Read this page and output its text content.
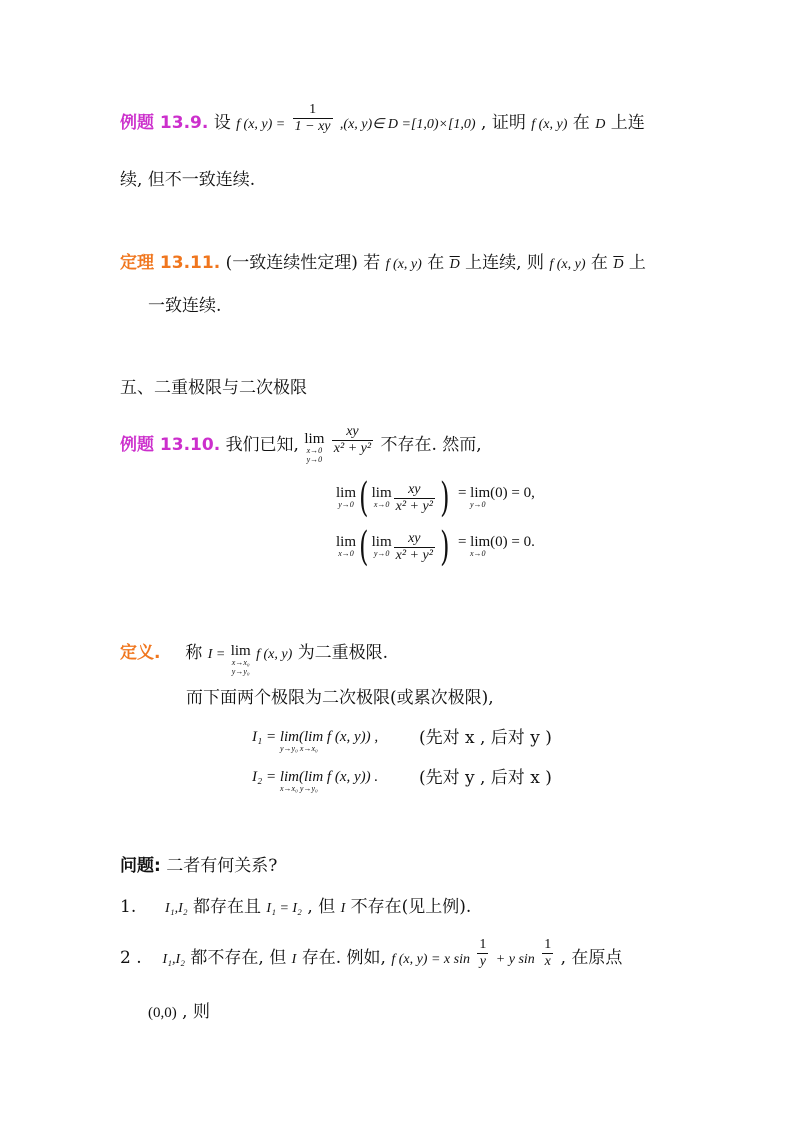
例题 13.9. 设 f (x, $y) = \frac{1}{1 - xy} ,(x$, y)∈ D =[1,0)×[1,0) , 证明 f (x, y) 在 D 上连
续, 但不一致连续.
定理 13.11. (一致连续性定理) 若 f (x, y) 在 $\overline{D}$ 上连续, 则 f (x, y) 在 $\overline{D}$ 上
一致连续.
五、二重极限与二次极限
例题 13.10. 我们已知, lim
x→0
y→0

$\frac{xy}{\text{x² + y²}}$ 不存在. 然而,
lim
y→0 ( lim
$x\to 0 \frac{xy}{\text{x² + y²}}$ ) = lim(0) = 0,
y→0
lim
x→0 ( lim
$y\to 0 \frac{xy}{\text{x² + y²}}$ ) = lim(0) = 0.
x→0
定义. 称 I = lim
x→x₀
y→y₀
f (x, y) 为二重极限.
而下面两个极限为二次极限(或累次极限),
I₁ = lim(lim f (x, y)) ,
y→y₀ x→x₀
(先对 x , 后对 y )
I₂ = lim(lim f (x, y)) .
x→x₀ y→y₀
(先对 y , 后对 x )
问题: 二者有何关系?
1. I₁,I₂ 都存在且 I₁ = I₂ , 但 I 不存在(见上例).
2 . I₁,I₂ 都不存在, 但 I 存在. 例如, f (x, y) = x $\sin \frac{1}{y} + y$ $\sin \frac{1}{x}$ , 在原点
(0,0) , 则
